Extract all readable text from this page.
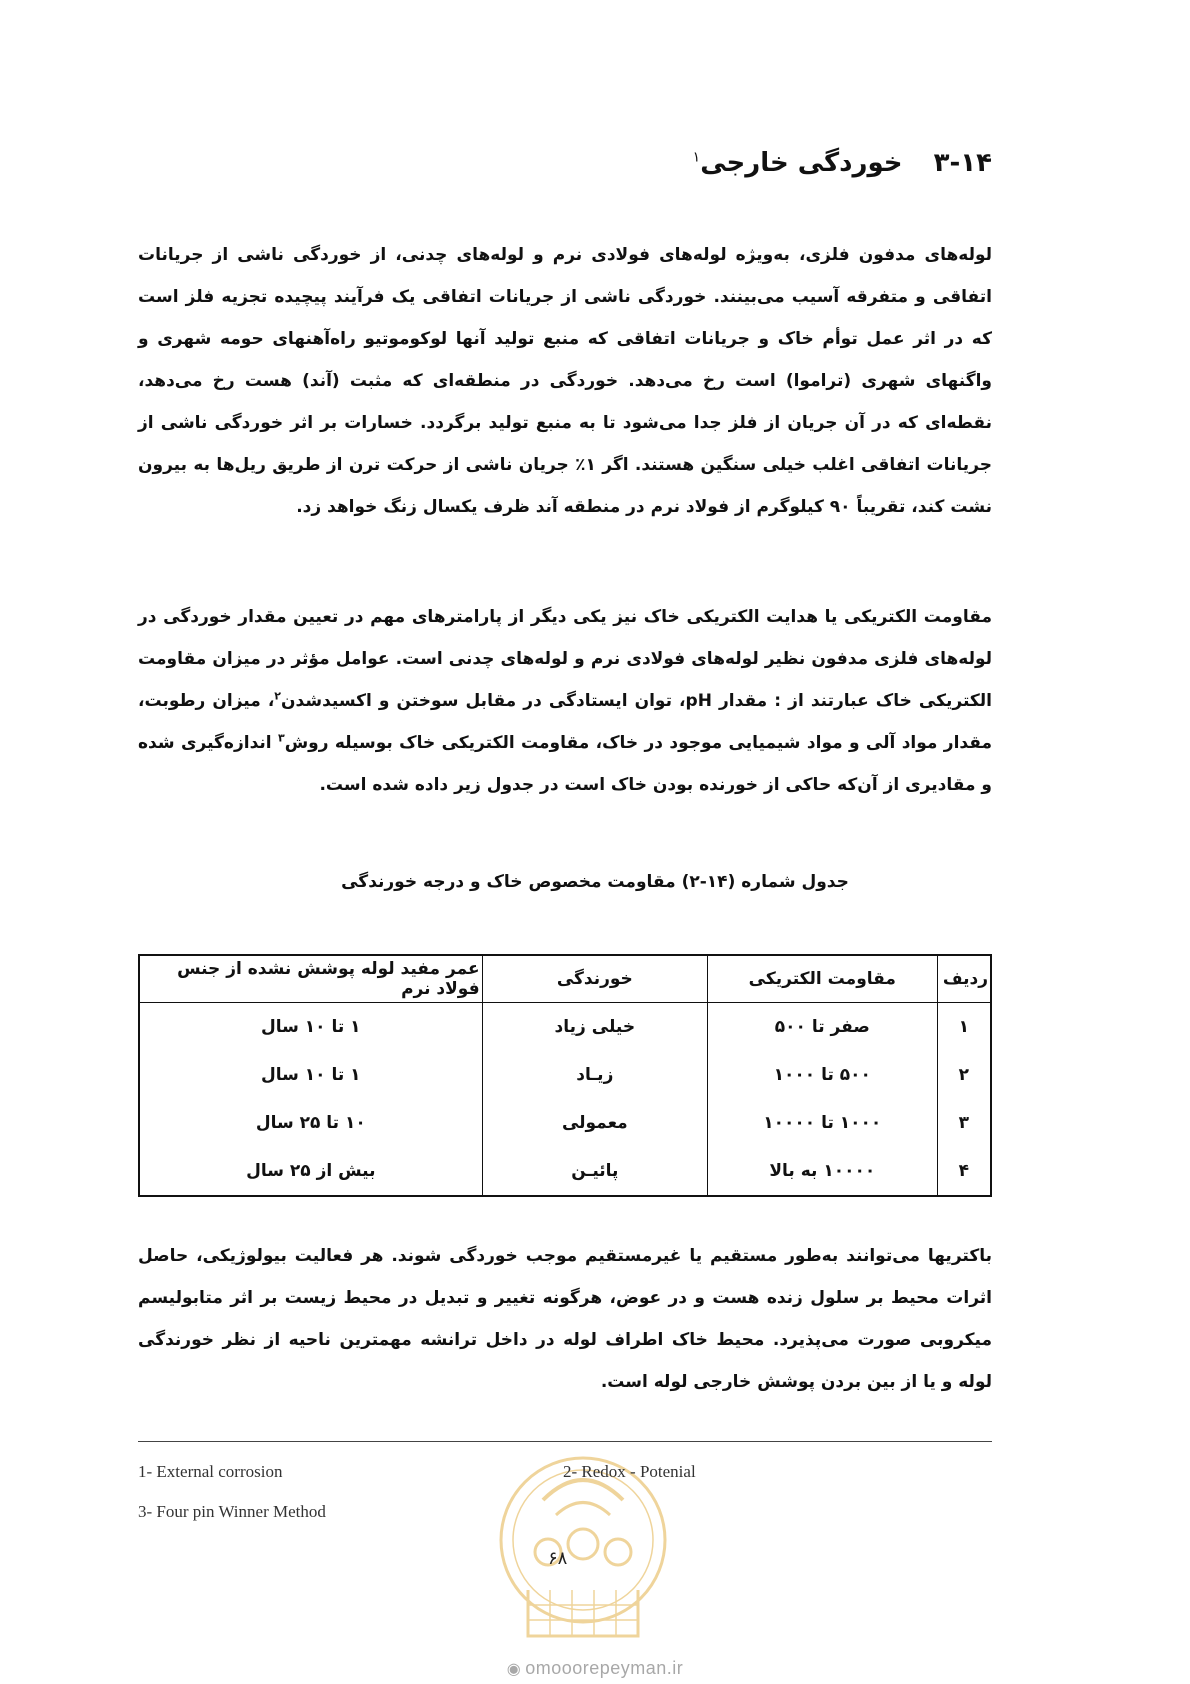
۳-۱۴ خوردگی خارجی$^۱$
لوله‌های مدفون فلزی، به‌ویژه لوله‌های فولادی نرم و لوله‌های چدنی، از خوردگی ناشی از جریانات اتفاقی و متفرقه آسیب می‌بینند. خوردگی ناشی از جریانات اتفاقی یک فرآیند پیچیده تجزیه فلز است که در اثر عمل توأم خاک و جریانات اتفاقی که منبع تولید آنها لوکوموتیو راه‌آهنهای حومه شهری و واگنهای شهری (تراموا) است رخ می‌دهد. خوردگی در منطقه‌ای که مثبت (آند) هست رخ می‌دهد، نقطه‌ای که در آن جریان از فلز جدا می‌شود تا به منبع تولید برگردد. خسارات بر اثر خوردگی ناشی از جریانات اتفاقی اغلب خیلی سنگین هستند. اگر ۱٪ جریان ناشی از حرکت ترن از طریق ریل‌ها به بیرون نشت کند، تقریباً ۹۰ کیلوگرم از فولاد نرم در منطقه آند ظرف یکسال زنگ خواهد زد.
مقاومت الکتریکی یا هدایت الکتریکی خاک نیز یکی دیگر از پارامترهای مهم در تعیین مقدار خوردگی در لوله‌های فلزی مدفون نظیر لوله‌های فولادی نرم و لوله‌های چدنی است. عوامل مؤثر در میزان مقاومت الکتریکی خاک عبارتند از : مقدار pH، توان ایستادگی در مقابل سوختن و اکسیدشدن$^۲$، میزان رطوبت، مقدار مواد آلی و مواد شیمیایی موجود در خاک، مقاومت الکتریکی خاک بوسیله روش$^۳$ اندازه‌گیری شده و مقادیری از آن‌که حاکی از خورنده بودن خاک است در جدول زیر داده شده است.
جدول شماره (۱۴-۲) مقاومت مخصوص خاک و درجه خورندگی
ردیف	مقاومت الکتریکی	خورندگی	عمر مفید لوله پوشش نشده از جنس فولاد نرم
۱	صفر تا ۵۰۰	خیلی زیاد	۱ تا ۱۰ سال
۲	۵۰۰ تا ۱۰۰۰	زیـاد	۱ تا ۱۰ سال
۳	۱۰۰۰ تا ۱۰۰۰۰	معمولی	۱۰ تا ۲۵ سال
۴	۱۰۰۰۰ به بالا	پائیـن	بیش از ۲۵ سال
باکتریها می‌توانند به‌طور مستقیم یا غیرمستقیم موجب خوردگی شوند. هر فعالیت بیولوژیکی، حاصل اثرات محیط بر سلول زنده هست و در عوض، هرگونه تغییر و تبدیل در محیط زیست بر اثر متابولیسم میکروبی صورت می‌پذیرد. محیط خاک اطراف لوله در داخل ترانشه مهمترین ناحیه از نظر خورندگی لوله و یا از بین بردن پوشش خارجی لوله است.
1- External corrosion	2- Redox - Potenial
3- Four pin Winner Method
۶۸
◉ omooorepeyman.ir
